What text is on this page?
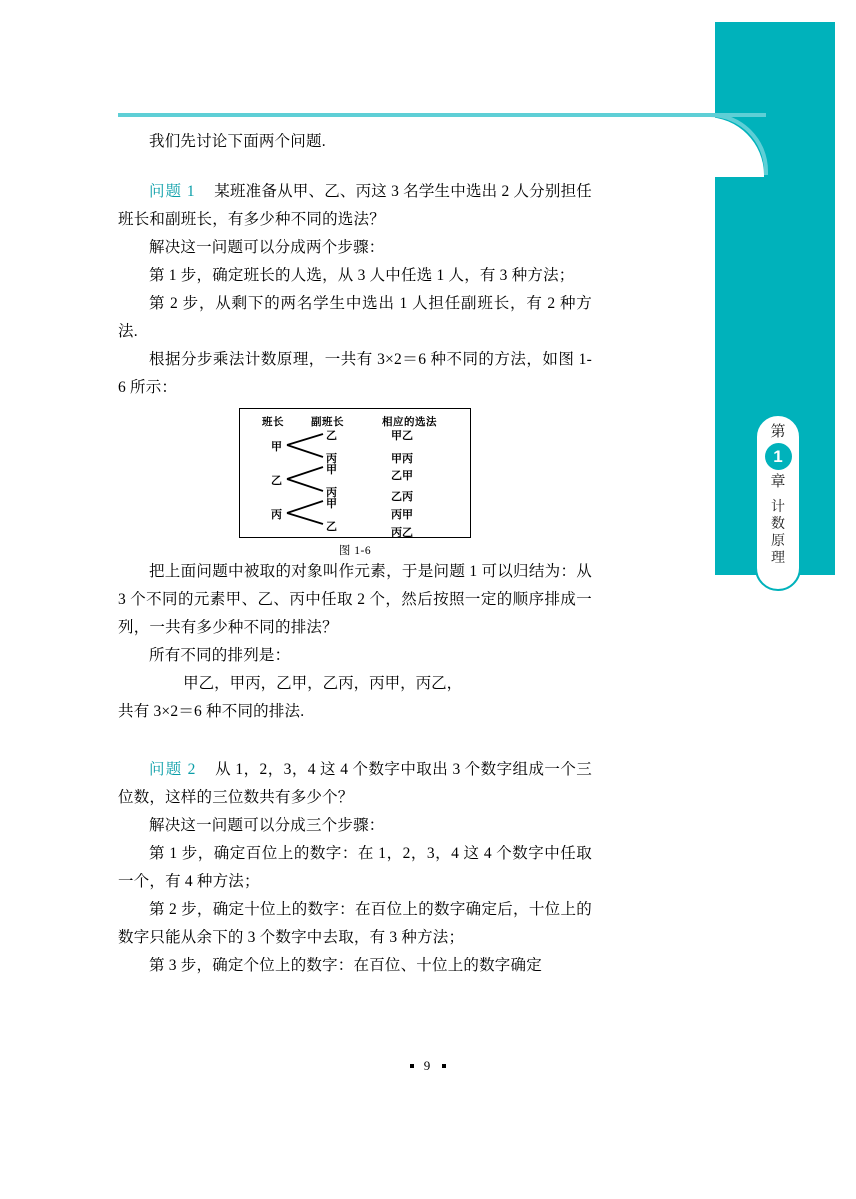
第
1
章
计
数
原
理

我们先讨论下面两个问题.

问题 1 某班准备从甲、乙、丙这 3 名学生中选出 2 人分别担任班长和副班长，有多少种不同的选法？

解决这一问题可以分成两个步骤：

第 1 步，确定班长的人选，从 3 人中任选 1 人，有 3 种方法；

第 2 步，从剩下的两名学生中选出 1 人担任副班长，有 2 种方法.

根据分步乘法计数原理，一共有 3×2＝6 种不同的方法，如图 1-6 所示：

班长	副班长	相应的选法
甲
乙
丙
乙
丙
甲
丙
甲
乙
甲乙
甲丙
乙甲
乙丙
丙甲
丙乙
图 1-6

把上面问题中被取的对象叫作元素，于是问题 1 可以归结为：从 3 个不同的元素甲、乙、丙中任取 2 个，然后按照一定的顺序排成一列，一共有多少种不同的排法？

所有不同的排列是：

甲乙，甲丙，乙甲，乙丙，丙甲，丙乙，

共有 3×2＝6 种不同的排法.

问题 2 从 1，2，3，4 这 4 个数字中取出 3 个数字组成一个三位数，这样的三位数共有多少个？

解决这一问题可以分成三个步骤：

第 1 步，确定百位上的数字：在 1，2，3，4 这 4 个数字中任取一个，有 4 种方法；

第 2 步，确定十位上的数字：在百位上的数字确定后，十位上的数字只能从余下的 3 个数字中去取，有 3 种方法；

第 3 步，确定个位上的数字：在百位、十位上的数字确定

9
